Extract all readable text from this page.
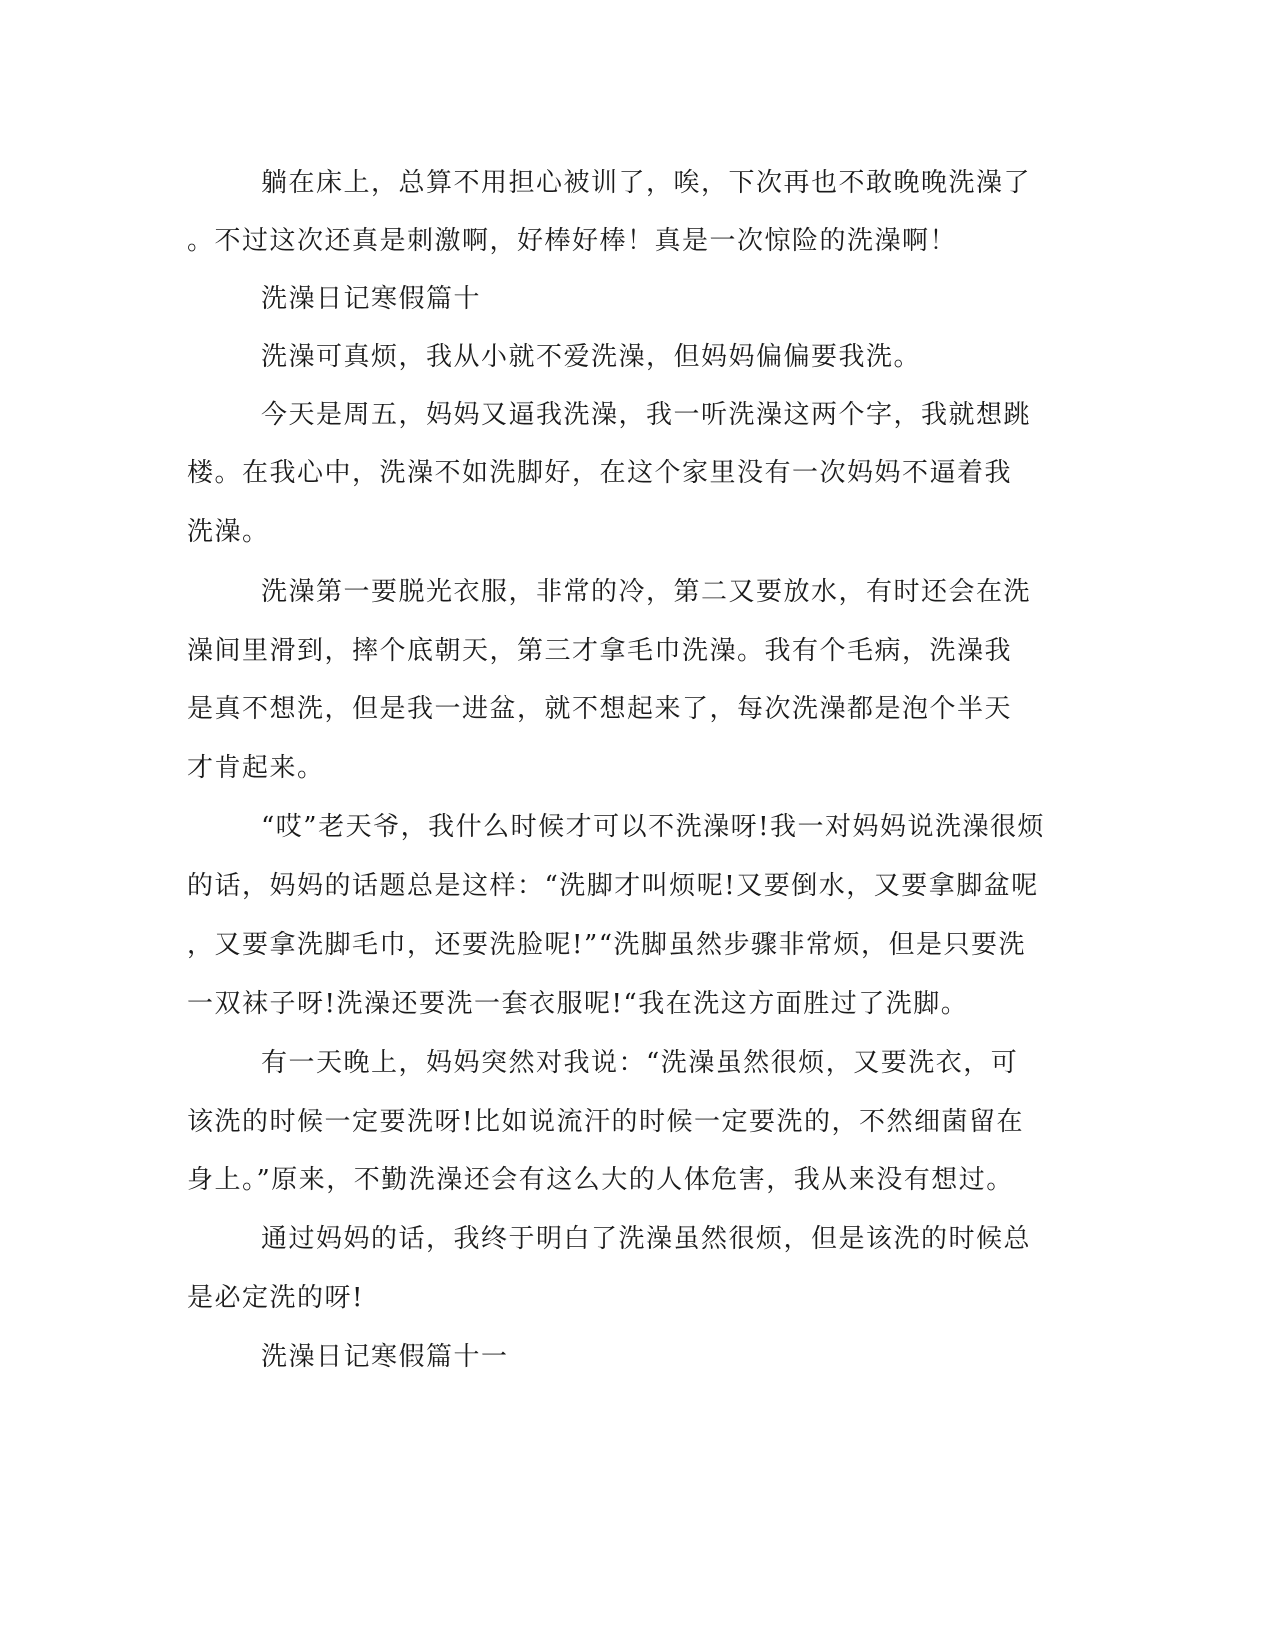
躺在床上，总算不用担心被训了，唉，下次再也不敢晚晚洗澡了
。不过这次还真是刺激啊，好棒好棒！真是一次惊险的洗澡啊！
洗澡日记寒假篇十
洗澡可真烦，我从小就不爱洗澡，但妈妈偏偏要我洗。
今天是周五，妈妈又逼我洗澡，我一听洗澡这两个字，我就想跳
楼。在我心中，洗澡不如洗脚好，在这个家里没有一次妈妈不逼着我
洗澡。
洗澡第一要脱光衣服，非常的冷，第二又要放水，有时还会在洗
澡间里滑到，摔个底朝天，第三才拿毛巾洗澡。我有个毛病，洗澡我
是真不想洗，但是我一进盆，就不想起来了，每次洗澡都是泡个半天
才肯起来。
“哎”老天爷，我什么时候才可以不洗澡呀!我一对妈妈说洗澡很烦
的话，妈妈的话题总是这样：“洗脚才叫烦呢!又要倒水，又要拿脚盆呢
，又要拿洗脚毛巾，还要洗脸呢!”“洗脚虽然步骤非常烦，但是只要洗
一双袜子呀!洗澡还要洗一套衣服呢!“我在洗这方面胜过了洗脚。
有一天晚上，妈妈突然对我说：“洗澡虽然很烦，又要洗衣，可
该洗的时候一定要洗呀!比如说流汗的时候一定要洗的，不然细菌留在
身上。”原来，不勤洗澡还会有这么大的人体危害，我从来没有想过。
通过妈妈的话，我终于明白了洗澡虽然很烦，但是该洗的时候总
是必定洗的呀!
洗澡日记寒假篇十一
